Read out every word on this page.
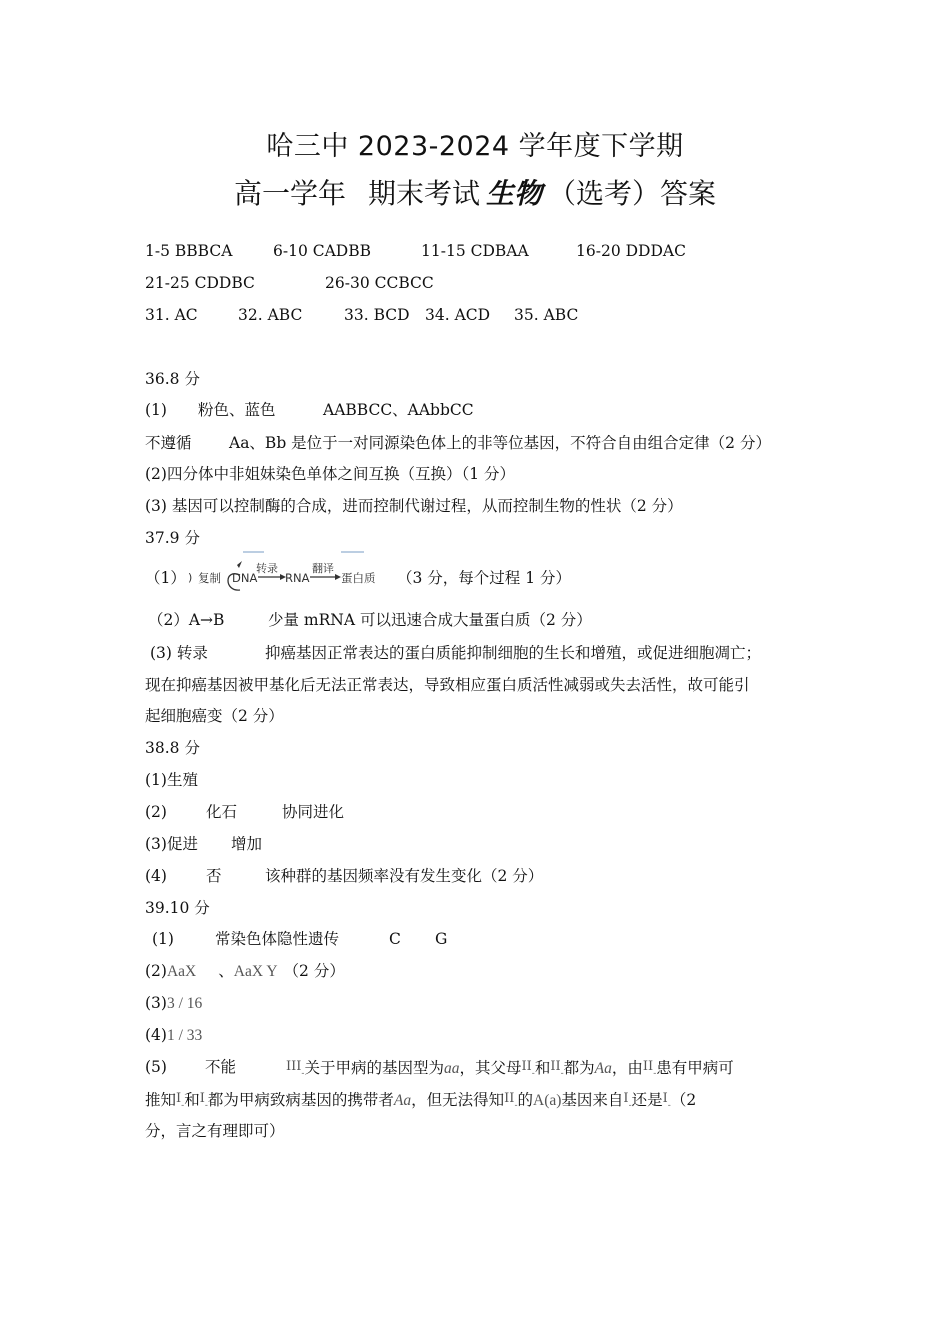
哈三中 2023-2024 学年度下学期
高一学年 期末考试 生物 （选考）答案
1-5 BBBCA	6-10 CADBB	11-15 CDBAA	16-20 DDDAC
21-25 CDDBC	26-30 CCBCC
31. AC	32. ABC	33. BCD 34. ACD 35. ABC
36.8 分
(1) 粉色、蓝色	AABBCC、AAbbCC
不遵循 Aa、Bb 是位于一对同源染色体上的非等位基因，不符合自由组合定律（2 分）
(2)四分体中非姐妹染色单体之间互换（互换）（1 分）
(3) 基因可以控制酶的合成，进而控制代谢过程，从而控制生物的性状（2 分）
37.9 分
（1） ) 复制 DNA
转录
RNA
翻译
蛋白质 （3 分，每个过程 1 分）
（2）A→B	少量 mRNA 可以迅速合成大量蛋白质（2 分）
(3) 转录	抑癌基因正常表达的蛋白质能抑制细胞的生长和增殖，或促进细胞凋亡；
现在抑癌基因被甲基化后无法正常表达，导致相应蛋白质活性减弱或失去活性，故可能引
起细胞癌变（2 分）
38.8 分
(1)生殖
(2)	化石	协同进化
(3)促进 增加
(4)	否	该种群的基因频率没有发生变化（2 分）
39.10 分
(1)	常染色体隐性遗传	C G
(2)AaX 、AaX Y （2 分）
(3)3 / 16
(4)1 / 33
(5) 不能	$III_-$关于甲病的基因型为aa，其父母$II_-$和$II_-$都为Aa，由$II_-$患有甲病可
推知$I_-$和$I_-$都为甲病致病基因的携带者Aa，但无法得知$II_-$的A(a)基因来自$I_-$还是$I_-(2$
分，言之有理即可）
